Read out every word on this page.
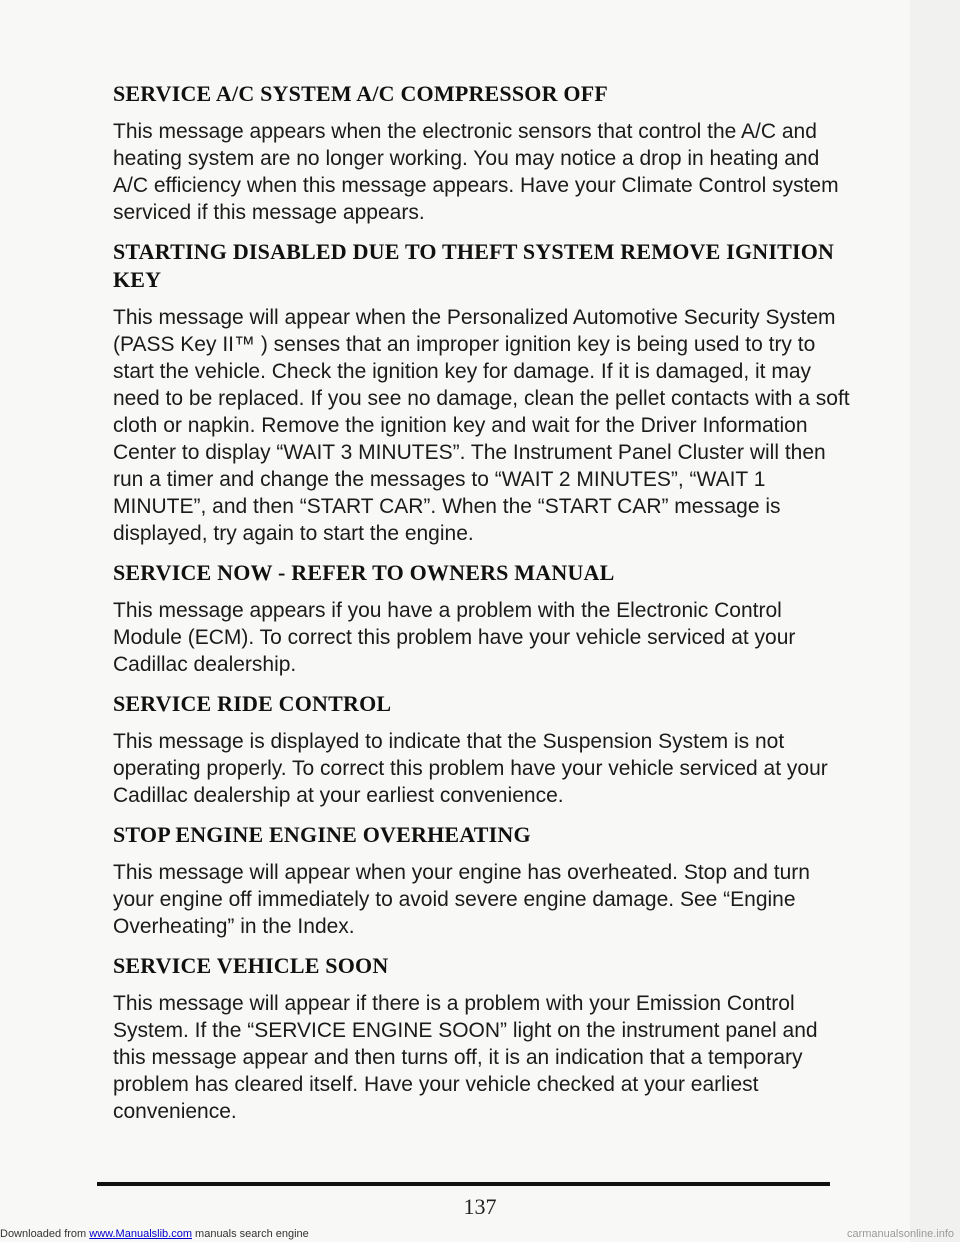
SERVICE A/C SYSTEM A/C COMPRESSOR OFF

This message appears when the electronic sensors that control the A/C and heating system are no longer working. You may notice a drop in heating and A/C efficiency when this message appears. Have your Climate Control system serviced if this message appears.

STARTING DISABLED DUE TO THEFT SYSTEM REMOVE IGNITION KEY

This message will appear when the Personalized Automotive Security System (PASS Key II™ ) senses that an improper ignition key is being used to try to start the vehicle. Check the ignition key for damage. If it is damaged, it may need to be replaced. If you see no damage, clean the pellet contacts with a soft cloth or napkin. Remove the ignition key and wait for the Driver Information Center to display “WAIT 3 MINUTES”. The Instrument Panel Cluster will then run a timer and change the messages to “WAIT 2 MINUTES”, “WAIT 1 MINUTE”, and then “START CAR”. When the “START CAR” message is displayed, try again to start the engine.

SERVICE NOW - REFER TO OWNERS MANUAL

This message appears if you have a problem with the Electronic Control Module (ECM). To correct this problem have your vehicle serviced at your Cadillac dealership.

SERVICE RIDE CONTROL

This message is displayed to indicate that the Suspension System is not operating properly. To correct this problem have your vehicle serviced at your Cadillac dealership at your earliest convenience.

STOP ENGINE ENGINE OVERHEATING

This message will appear when your engine has overheated. Stop and turn your engine off immediately to avoid severe engine damage. See “Engine Overheating” in the Index.

SERVICE VEHICLE SOON

This message will appear if there is a problem with your Emission Control System. If the “SERVICE ENGINE SOON” light on the instrument panel and this message appear and then turns off, it is an indication that a temporary problem has cleared itself. Have your vehicle checked at your earliest convenience.

137
Downloaded from www.Manualslib.com manuals search engine	carmanualsonline.info
